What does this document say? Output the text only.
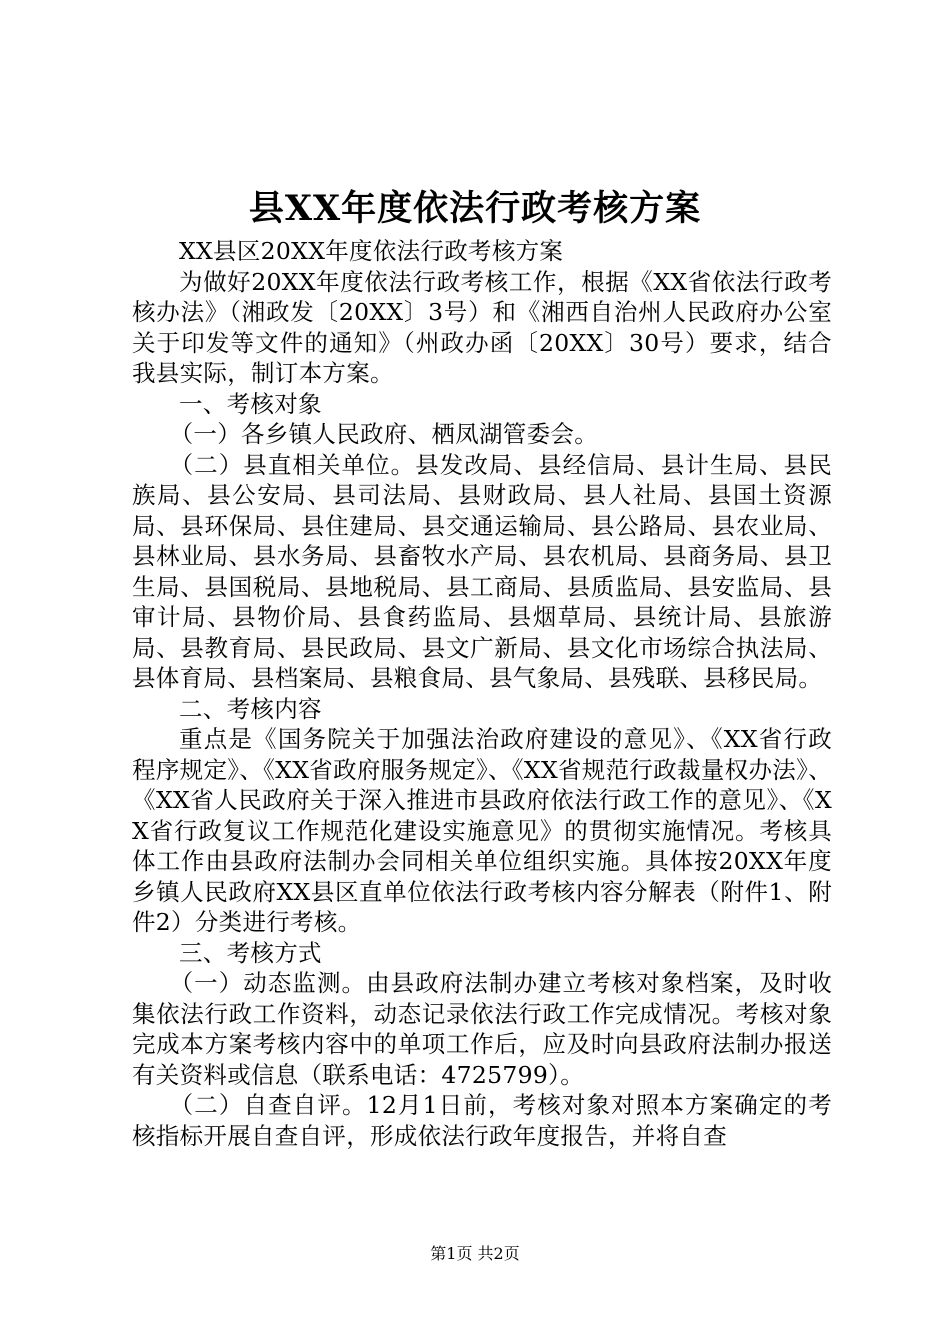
县XX年度依法行政考核方案

XX县区20XX年度依法行政考核方案

为做好20XX年度依法行政考核工作，根据《XX省依法行政考核办法》（湘政发〔20XX〕3号）和《湘西自治州人民政府办公室关于印发等文件的通知》（州政办函〔20XX〕30号）要求，结合我县实际，制订本方案。

一、考核对象

（一）各乡镇人民政府、栖凤湖管委会。

（二）县直相关单位。县发改局、县经信局、县计生局、县民族局、县公安局、县司法局、县财政局、县人社局、县国土资源局、县环保局、县住建局、县交通运输局、县公路局、县农业局、县林业局、县水务局、县畜牧水产局、县农机局、县商务局、县卫生局、县国税局、县地税局、县工商局、县质监局、县安监局、县审计局、县物价局、县食药监局、县烟草局、县统计局、县旅游局、县教育局、县民政局、县文广新局、县文化市场综合执法局、县体育局、县档案局、县粮食局、县气象局、县残联、县移民局。

二、考核内容

重点是《国务院关于加强法治政府建设的意见》、《XX省行政程序规定》、《XX省政府服务规定》、《XX省规范行政裁量权办法》、《XX省人民政府关于深入推进市县政府依法行政工作的意见》、《XX省行政复议工作规范化建设实施意见》的贯彻实施情况。考核具体工作由县政府法制办会同相关单位组织实施。具体按20XX年度乡镇人民政府XX县区直单位依法行政考核内容分解表（附件1、附件2）分类进行考核。

三、考核方式

（一）动态监测。由县政府法制办建立考核对象档案，及时收集依法行政工作资料，动态记录依法行政工作完成情况。考核对象完成本方案考核内容中的单项工作后，应及时向县政府法制办报送有关资料或信息（联系电话：4725799）。

（二）自查自评。12月1日前，考核对象对照本方案确定的考核指标开展自查自评，形成依法行政年度报告，并将自查

第1页 共2页
